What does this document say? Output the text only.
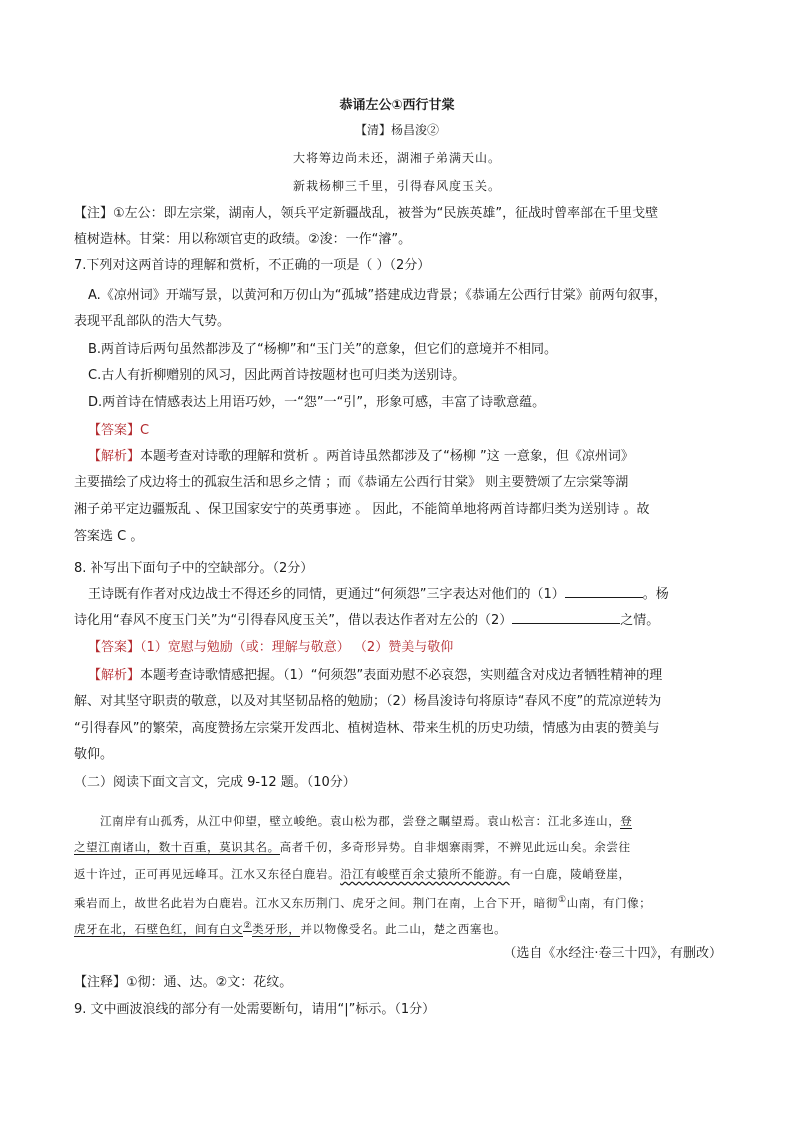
恭诵左公①西行甘棠
【清】杨昌浚②
大将筹边尚未还，湖湘子弟满天山。
新栽杨柳三千里，引得春风度玉关。
【注】①左公：即左宗棠，湖南人，领兵平定新疆战乱，被誉为“民族英雄”，征战时曾率部在千里戈壁
植树造林。甘棠：用以称颂官吏的政绩。②浚：一作“濬”。
7.下列对这两首诗的理解和赏析，不正确的一项是（ ）（2分）
A.《凉州词》开端写景，以黄河和万仞山为“孤城”搭建成边背景；《恭诵左公西行甘棠》前两句叙事，
表现平乱部队的浩大气势。
B.两首诗后两句虽然都涉及了“杨柳”和“玉门关”的意象，但它们的意境并不相同。
C.古人有折柳赠别的风习，因此两首诗按题材也可归类为送别诗。
D.两首诗在情感表达上用语巧妙，一“怨”一“引”，形象可感，丰富了诗歌意蕴。
【答案】C
【解析】本题考查对诗歌的理解和赏析 。两首诗虽然都涉及了“杨柳 ”这 一意象，但《凉州词》
主要描绘了戍边将士的孤寂生活和思乡之情 ；而《恭诵左公西行甘棠》 则主要赞颂了左宗棠等湖
湘子弟平定边疆叛乱 、保卫国家安宁的英勇事迹 。 因此，不能简单地将两首诗都归类为送别诗 。故
答案选 C 。
8. 补写出下面句子中的空缺部分。（2分）
王诗既有作者对戍边战士不得还乡的同情，更通过“何须怨”三字表达对他们的（1）	。杨
诗化用“春风不度玉门关”为“引得春风度玉关”，借以表达作者对左公的（2）	之情。
【答案】（1）宽慰与勉励（或：理解与敬意） （2）赞美与敬仰
【解析】本题考查诗歌情感把握。（1）“何须怨”表面劝慰不必哀怨，实则蕴含对戍边者牺牲精神的理
解、对其坚守职责的敬意，以及对其坚韧品格的勉励；（2）杨昌浚诗句将原诗“春风不度”的荒凉逆转为
“引得春风”的繁荣，高度赞扬左宗棠开发西北、植树造林、带来生机的历史功绩，情感为由衷的赞美与
敬仰。
（二）阅读下面文言文，完成 9-12 题。（10分）
江南岸有山孤秀，从江中仰望，壁立峻绝。袁山松为郡，尝登之瞩望焉。袁山松言：江北多连山，登
之望江南诸山，数十百重，莫识其名。高者千仞，多奇形异势。自非烟寨雨霁，不辨见此远山矣。余尝往
返十许过，正可再见远峰耳。江水又东径白鹿岩。沿江有峻壁百余丈猿所不能游。有一白鹿，陵峭登崖，
乘岩而上，故世名此岩为白鹿岩。江水又东历荆门、虎牙之间。荆门在南，上合下开，暗彻①山南，有门像；
虎牙在北，石壁色红，间有白文②类牙形，并以物像受名。此二山，楚之西塞也。
（选自《水经注·卷三十四》，有删改）
【注释】①彻：通、达。②文：花纹。
9. 文中画波浪线的部分有一处需要断句，请用“|”标示。（1分）
